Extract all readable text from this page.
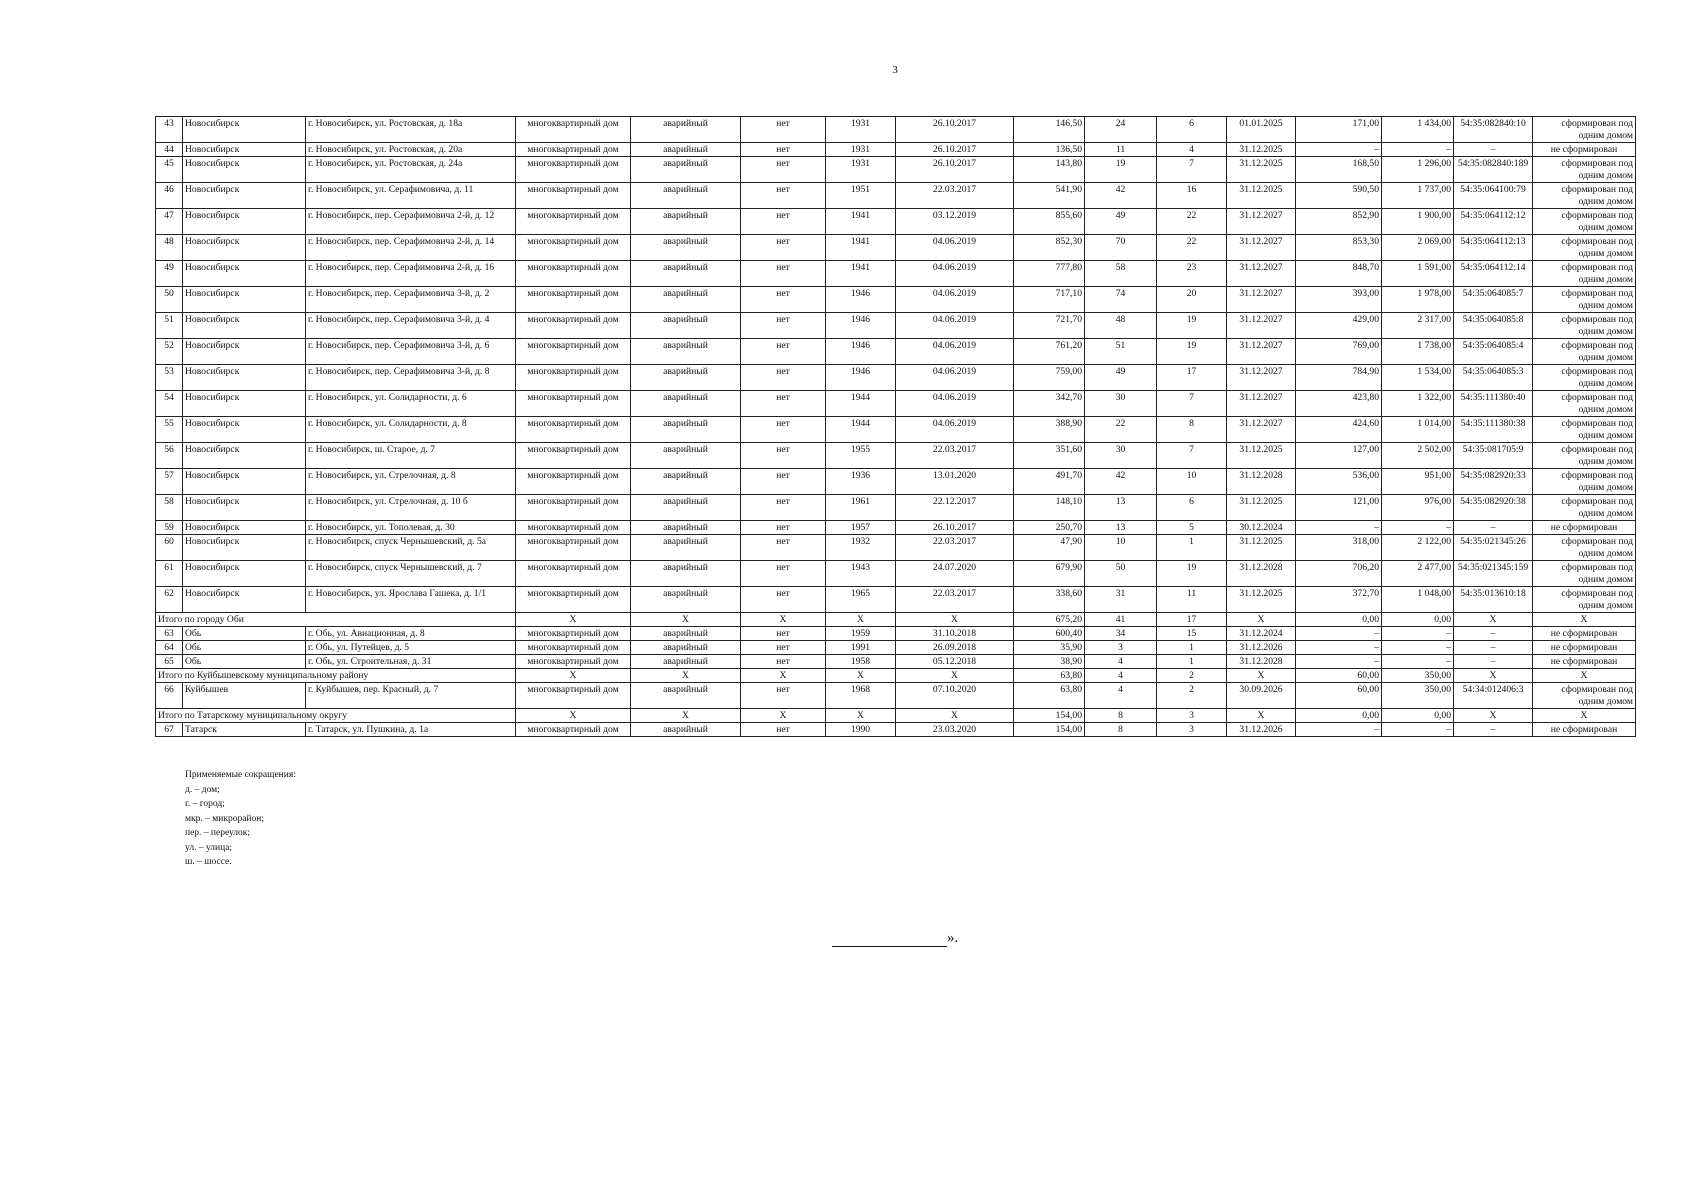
3
43	Новосибирск	г. Новосибирск, ул. Ростовская, д. 18а	многоквартирный дом	аварийный	нет	1931	26.10.2017	146,50	24	6	01.01.2025	171,00	1 434,00	54:35:082840:10	сформирован под одним домом
44	Новосибирск	г. Новосибирск, ул. Ростовская, д. 20а	многоквартирный дом	аварийный	нет	1931	26.10.2017	136,50	11	4	31.12.2025	–	–	–	не сформирован
45	Новосибирск	г. Новосибирск, ул. Ростовская, д. 24а	многоквартирный дом	аварийный	нет	1931	26.10.2017	143,80	19	7	31.12.2025	168,50	1 296,00	54:35:082840:189	сформирован под одним домом
46	Новосибирск	г. Новосибирск, ул. Серафимовича, д. 11	многоквартирный дом	аварийный	нет	1951	22.03.2017	541,90	42	16	31.12.2025	590,50	1 737,00	54:35:064100:79	сформирован под одним домом
47	Новосибирск	г. Новосибирск, пер. Серафимовича 2-й, д. 12	многоквартирный дом	аварийный	нет	1941	03.12.2019	855,60	49	22	31.12.2027	852,90	1 900,00	54:35:064112:12	сформирован под одним домом
48	Новосибирск	г. Новосибирск, пер. Серафимовича 2-й, д. 14	многоквартирный дом	аварийный	нет	1941	04.06.2019	852,30	70	22	31.12.2027	853,30	2 069,00	54:35:064112:13	сформирован под одним домом
49	Новосибирск	г. Новосибирск, пер. Серафимовича 2-й, д. 16	многоквартирный дом	аварийный	нет	1941	04.06.2019	777,80	58	23	31.12.2027	848,70	1 591,00	54:35:064112:14	сформирован под одним домом
50	Новосибирск	г. Новосибирск, пер. Серафимовича 3-й, д. 2	многоквартирный дом	аварийный	нет	1946	04.06.2019	717,10	74	20	31.12.2027	393,00	1 978,00	54:35:064085:7	сформирован под одним домом
51	Новосибирск	г. Новосибирск, пер. Серафимовича 3-й, д. 4	многоквартирный дом	аварийный	нет	1946	04.06.2019	721,70	48	19	31.12.2027	429,00	2 317,00	54:35:064085:8	сформирован под одним домом
52	Новосибирск	г. Новосибирск, пер. Серафимовича 3-й, д. 6	многоквартирный дом	аварийный	нет	1946	04.06.2019	761,20	51	19	31.12.2027	769,00	1 738,00	54:35:064085:4	сформирован под одним домом
53	Новосибирск	г. Новосибирск, пер. Серафимовича 3-й, д. 8	многоквартирный дом	аварийный	нет	1946	04.06.2019	759,00	49	17	31.12.2027	784,90	1 534,00	54:35:064085:3	сформирован под одним домом
54	Новосибирск	г. Новосибирск, ул. Солидарности, д. 6	многоквартирный дом	аварийный	нет	1944	04.06.2019	342,70	30	7	31.12.2027	423,80	1 322,00	54:35:111380:40	сформирован под одним домом
55	Новосибирск	г. Новосибирск, ул. Солидарности, д. 8	многоквартирный дом	аварийный	нет	1944	04.06.2019	388,90	22	8	31.12.2027	424,60	1 014,00	54:35:111380:38	сформирован под одним домом
56	Новосибирск	г. Новосибирск, ш. Старое, д. 7	многоквартирный дом	аварийный	нет	1955	22.03.2017	351,60	30	7	31.12.2025	127,00	2 502,00	54:35:081705:9	сформирован под одним домом
57	Новосибирск	г. Новосибирск, ул. Стрелочная, д. 8	многоквартирный дом	аварийный	нет	1936	13.01.2020	491,70	42	10	31.12.2028	536,00	951,00	54:35:082920:33	сформирован под одним домом
58	Новосибирск	г. Новосибирск, ул. Стрелочная, д. 10 б	многоквартирный дом	аварийный	нет	1961	22.12.2017	148,10	13	6	31.12.2025	121,00	976,00	54:35:082920:38	сформирован под одним домом
59	Новосибирск	г. Новосибирск, ул. Тополевая, д. 30	многоквартирный дом	аварийный	нет	1957	26.10.2017	250,70	13	5	30.12.2024	–	–	–	не сформирован
60	Новосибирск	г. Новосибирск, спуск Чернышевский, д. 5а	многоквартирный дом	аварийный	нет	1932	22.03.2017	47,90	10	1	31.12.2025	318,00	2 122,00	54:35:021345:26	сформирован под одним домом
61	Новосибирск	г. Новосибирск, спуск Чернышевский, д. 7	многоквартирный дом	аварийный	нет	1943	24.07.2020	679,90	50	19	31.12.2028	706,20	2 477,00	54:35:021345:159	сформирован под одним домом
62	Новосибирск	г. Новосибирск, ул. Ярослава Гашека, д. 1/1	многоквартирный дом	аварийный	нет	1965	22.03.2017	338,60	31	11	31.12.2025	372,70	1 048,00	54:35:013610:18	сформирован под одним домом
Итого по городу Оби			X	X	X	X	X	675,20	41	17	X	0,00	0,00	X	X
63	Обь	г. Обь, ул. Авиационная, д. 8	многоквартирный дом	аварийный	нет	1959	31.10.2018	600,40	34	15	31.12.2024	–	–	–	не сформирован
64	Обь	г. Обь, ул. Путейцев, д. 5	многоквартирный дом	аварийный	нет	1991	26.09.2018	35,90	3	1	31.12.2026	–	–	–	не сформирован
65	Обь	г. Обь, ул. Строительная, д. 31	многоквартирный дом	аварийный	нет	1958	05.12.2018	38,90	4	1	31.12.2028	–	–	–	не сформирован
Итого по Куйбышевскому муниципальному району			X	X	X	X	X	63,80	4	2	X	60,00	350,00	X	X
66	Куйбышев	г. Куйбышев, пер. Красный, д. 7	многоквартирный дом	аварийный	нет	1968	07.10.2020	63,80	4	2	30.09.2026	60,00	350,00	54:34:012406:3	сформирован под одним домом
Итого по Татарскому муниципальному округу			X	X	X	X	X	154,00	8	3	X	0,00	0,00	X	X
67	Татарск	г. Татарск, ул. Пушкина, д. 1а	многоквартирный дом	аварийный	нет	1990	23.03.2020	154,00	8	3	31.12.2026	–	–	–	не сформирован
Применяемые сокращения:
д. – дом;
г. – город;
мкр. – микрорайон;
пер. – переулок;
ул. – улица;
ш. – шоссе.
».
